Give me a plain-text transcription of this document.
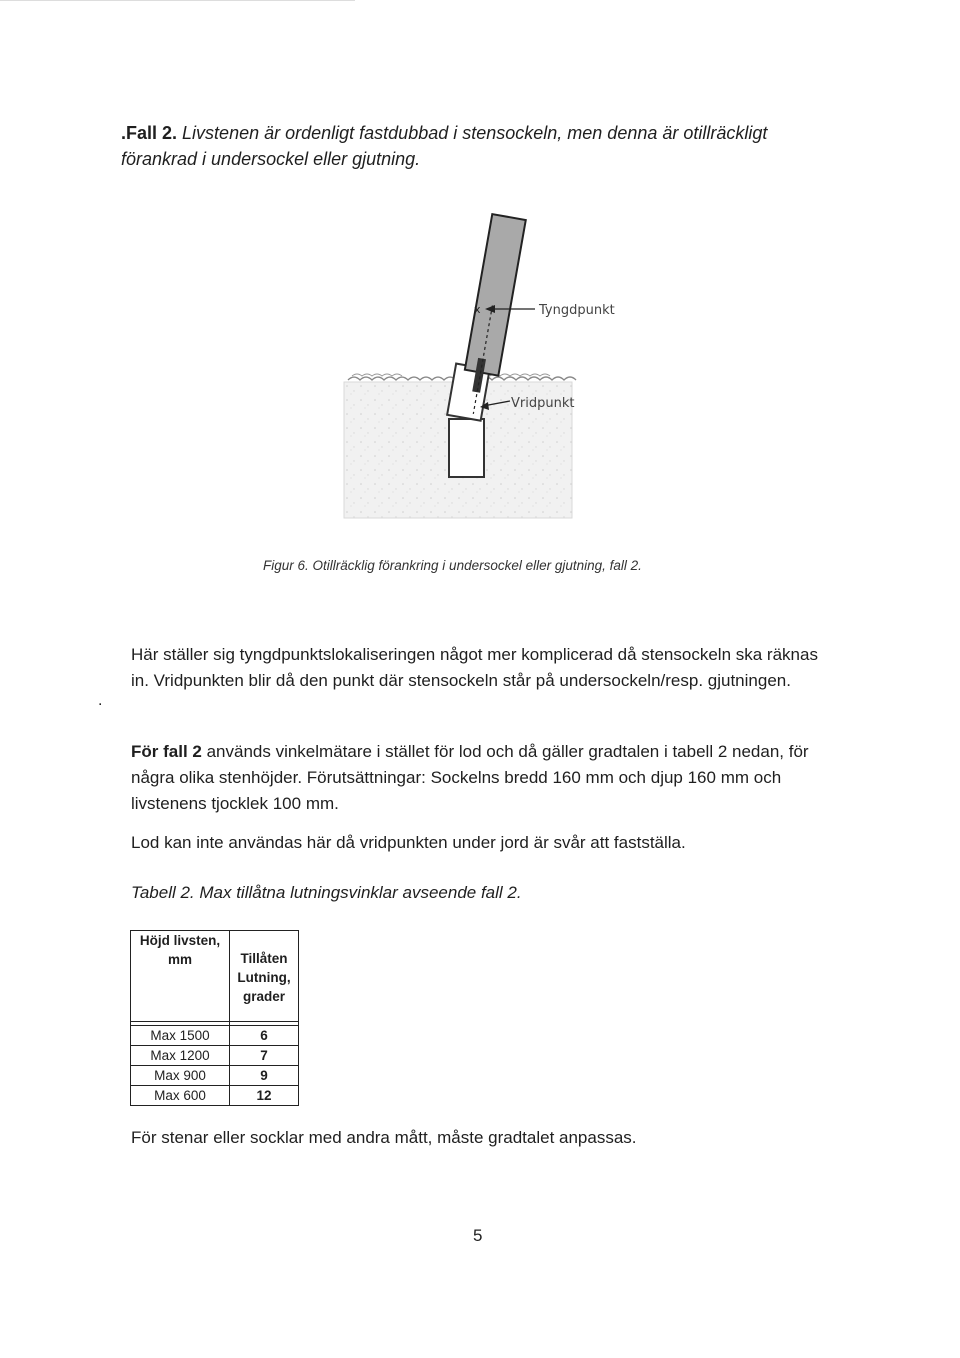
.Fall 2. Livstenen är ordenligt fastdubbad i stensockeln, men denna är otillräckligt förankrad i undersockel eller gjutning.
x	Tyngdpunkt
Vridpunkt
Figur 6. Otillräcklig förankring i undersockel eller gjutning, fall 2.
.
Här ställer sig tyngdpunktslokaliseringen något mer komplicerad då stensockeln ska räknas in. Vridpunkten blir då den punkt där stensockeln står på undersockeln/resp. gjutningen.
För fall 2 används vinkelmätare i stället för lod och då gäller gradtalen i tabell 2 nedan, för några olika stenhöjder. Förutsättningar: Sockelns bredd 160 mm och djup 160 mm och livstenens tjocklek 100 mm.
Lod kan inte användas här då vridpunkten under jord är svår att fastställa.
Tabell 2. Max tillåtna lutningsvinklar avseende fall 2.
Höjd livsten, mm	Tillåten Lutning, grader

Max 1500	6
Max 1200	7
Max 900	9
Max 600	12
För stenar eller socklar med andra mått, måste gradtalet anpassas.
5
